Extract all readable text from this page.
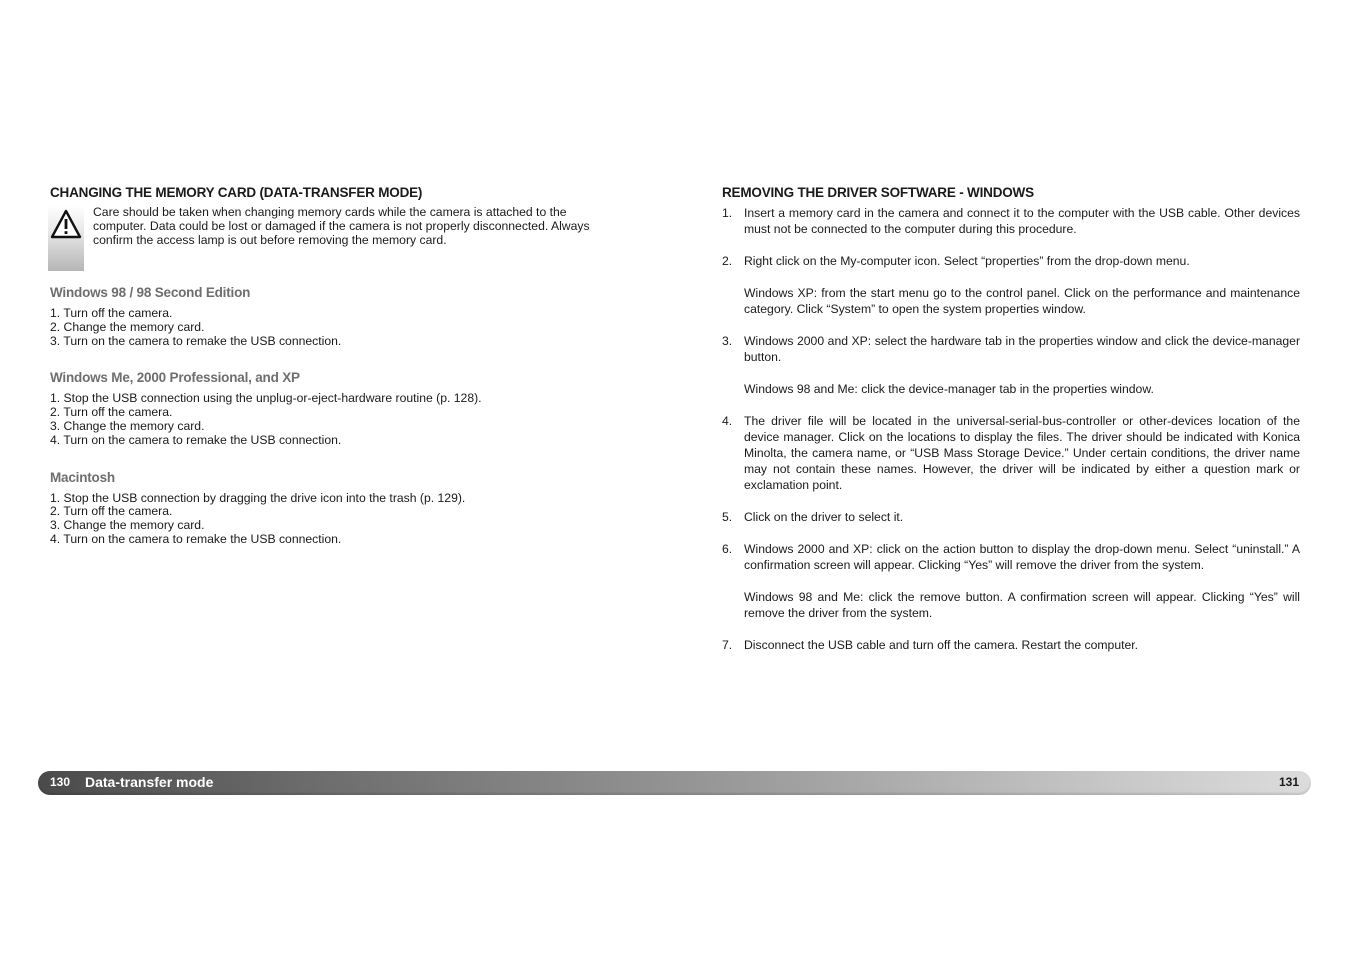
CHANGING THE MEMORY CARD (DATA-TRANSFER MODE)
Care should be taken when changing memory cards while the camera is attached to the computer. Data could be lost or damaged if the camera is not properly disconnected. Always confirm the access lamp is out before removing the memory card.
Windows 98 / 98 Second Edition
1. Turn off the camera.
2. Change the memory card.
3. Turn on the camera to remake the USB connection.
Windows Me, 2000 Professional, and XP
1. Stop the USB connection using the unplug-or-eject-hardware routine (p. 128).
2. Turn off the camera.
3. Change the memory card.
4. Turn on the camera to remake the USB connection.
Macintosh
1. Stop the USB connection by dragging the drive icon into the trash (p. 129).
2. Turn off the camera.
3. Change the memory card.
4. Turn on the camera to remake the USB connection.
REMOVING THE DRIVER SOFTWARE - WINDOWS
1. Insert a memory card in the camera and connect it to the computer with the USB cable. Other devices must not be connected to the computer during this procedure.

2. Right click on the My-computer icon. Select “properties” from the drop-down menu.

Windows XP: from the start menu go to the control panel. Click on the performance and maintenance category. Click “System” to open the system properties window.

3. Windows 2000 and XP: select the hardware tab in the properties window and click the device-manager button.

Windows 98 and Me: click the device-manager tab in the properties window.

4. The driver file will be located in the universal-serial-bus-controller or other-devices location of the device manager. Click on the locations to display the files. The driver should be indicated with Konica Minolta, the camera name, or “USB Mass Storage Device.” Under certain conditions, the driver name may not contain these names. However, the driver will be indicated by either a question mark or exclamation point.

5. Click on the driver to select it.

6. Windows 2000 and XP: click on the action button to display the drop-down menu. Select “uninstall.” A confirmation screen will appear. Clicking “Yes” will remove the driver from the system.

Windows 98 and Me: click the remove button. A confirmation screen will appear. Clicking “Yes” will remove the driver from the system.

7. Disconnect the USB cable and turn off the camera. Restart the computer.

130 Data-transfer mode	131
